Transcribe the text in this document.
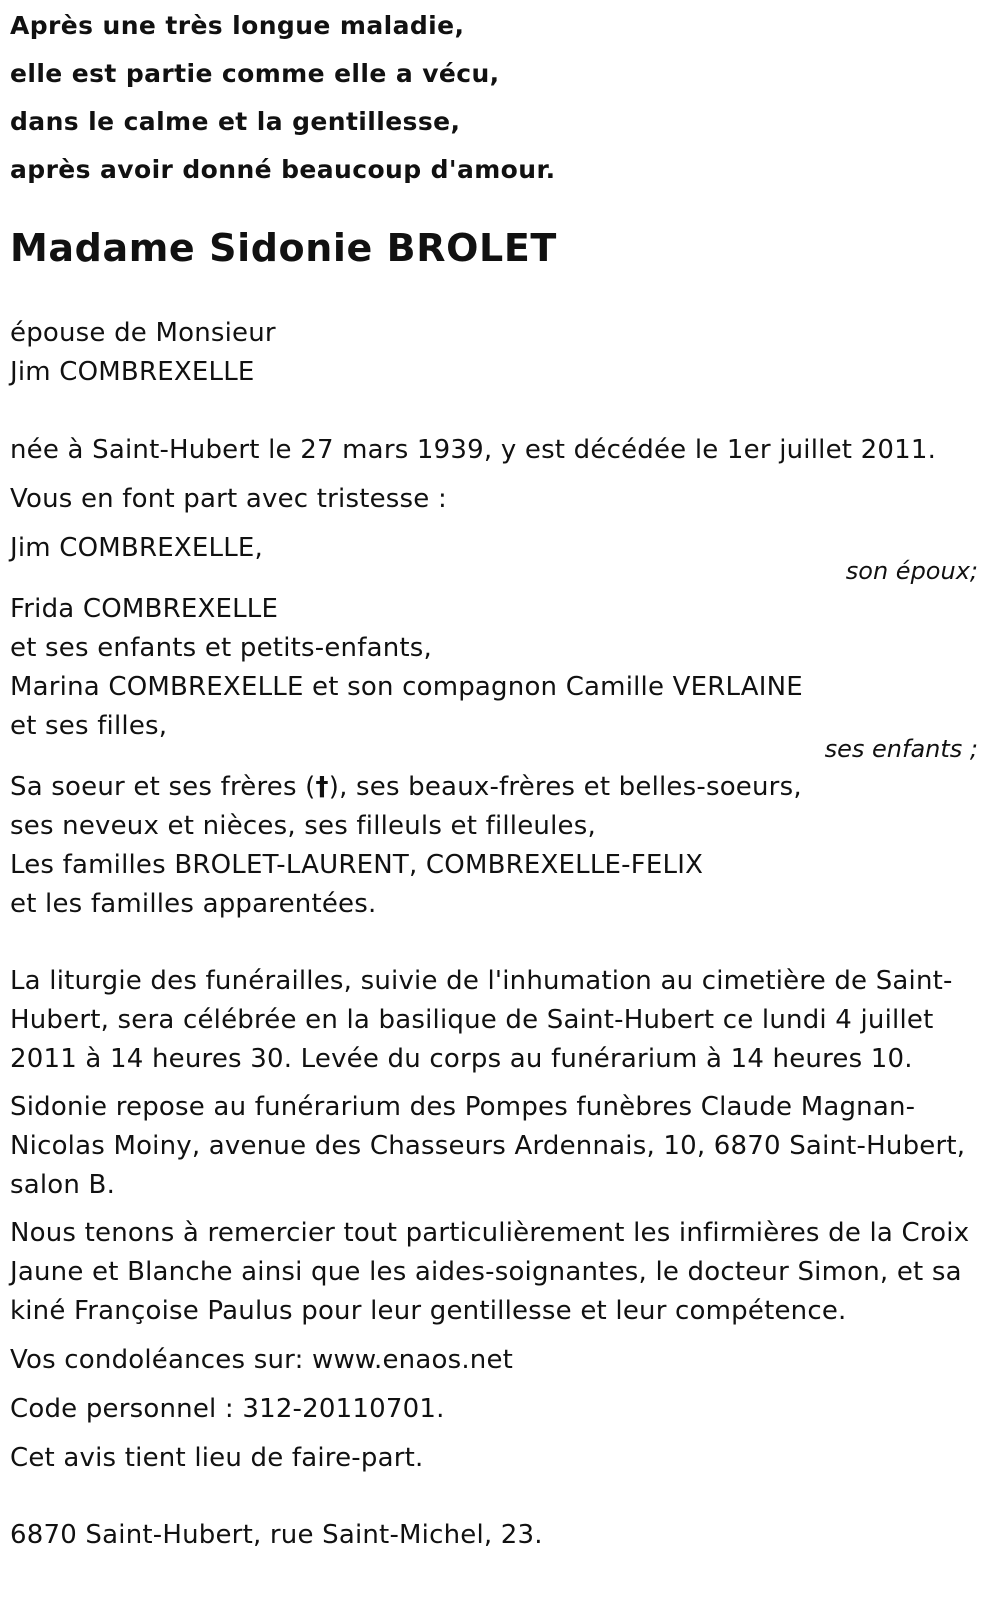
Après une très longue maladie,
elle est partie comme elle a vécu,
dans le calme et la gentillesse,
après avoir donné beaucoup d'amour.
Madame Sidonie BROLET
épouse de Monsieur
Jim COMBREXELLE
née à Saint-Hubert le 27 mars 1939, y est décédée le 1er juillet 2011.
Vous en font part avec tristesse :
Jim COMBREXELLE,
son époux;
Frida COMBREXELLE
et ses enfants et petits-enfants,
Marina COMBREXELLE et son compagnon Camille VERLAINE
et ses filles,
ses enfants ;
Sa soeur et ses frères (†), ses beaux-frères et belles-soeurs,
ses neveux et nièces, ses filleuls et filleules,
Les familles BROLET-LAURENT, COMBREXELLE-FELIX
et les familles apparentées.
La liturgie des funérailles, suivie de l'inhumation au cimetière de Saint-Hubert, sera célébrée en la basilique de Saint-Hubert ce lundi 4 juillet 2011 à 14 heures 30. Levée du corps au funérarium à 14 heures 10.
Sidonie repose au funérarium des Pompes funèbres Claude Magnan-Nicolas Moiny, avenue des Chasseurs Ardennais, 10, 6870 Saint-Hubert, salon B.
Nous tenons à remercier tout particulièrement les infirmières de la Croix Jaune et Blanche ainsi que les aides-soignantes, le docteur Simon, et sa kiné Françoise Paulus pour leur gentillesse et leur compétence.
Vos condoléances sur: www.enaos.net
Code personnel : 312-20110701.
Cet avis tient lieu de faire-part.
6870 Saint-Hubert, rue Saint-Michel, 23.
